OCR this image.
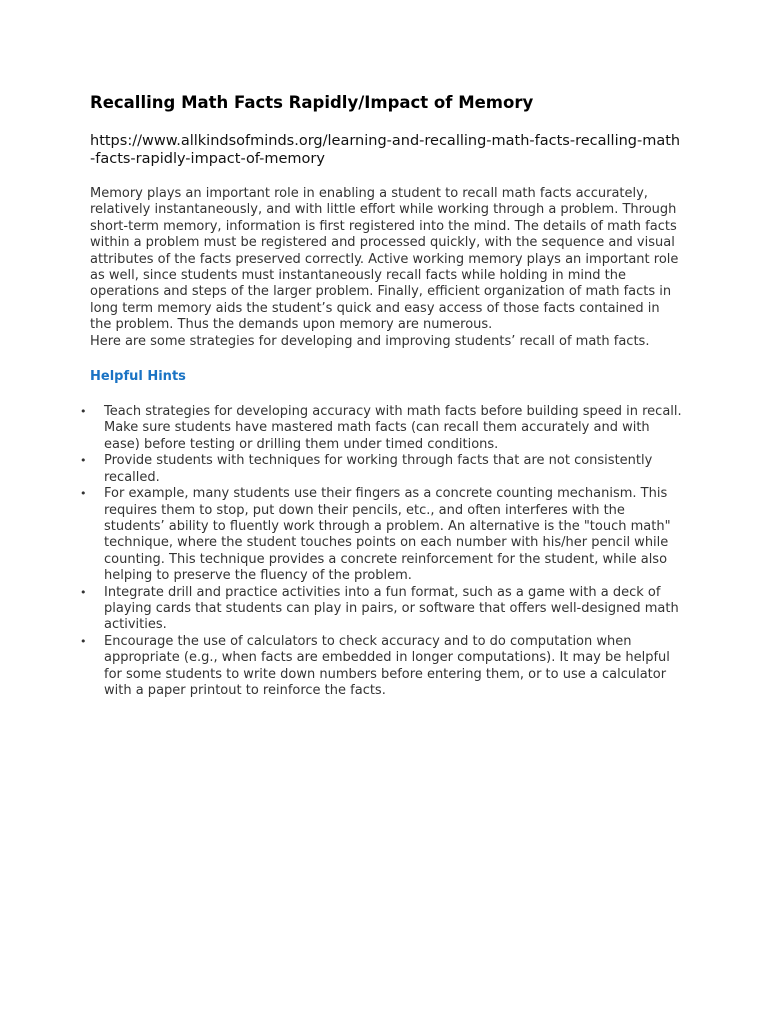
Recalling Math Facts Rapidly/Impact of Memory
https://www.allkindsofminds.org/learning-and-recalling-math-facts-recalling-math-facts-rapidly-impact-of-memory

Memory plays an important role in enabling a student to recall math facts accurately, relatively instantaneously, and with little effort while working through a problem. Through short-term memory, information is first registered into the mind. The details of math facts within a problem must be registered and processed quickly, with the sequence and visual attributes of the facts preserved correctly. Active working memory plays an important role as well, since students must instantaneously recall facts while holding in mind the operations and steps of the larger problem. Finally, efficient organization of math facts in long term memory aids the student’s quick and easy access of those facts contained in the problem. Thus the demands upon memory are numerous.

Here are some strategies for developing and improving students’ recall of math facts.

Helpful Hints
• Teach strategies for developing accuracy with math facts before building speed in recall. Make sure students have mastered math facts (can recall them accurately and with ease) before testing or drilling them under timed conditions.
• Provide students with techniques for working through facts that are not consistently recalled.
• For example, many students use their fingers as a concrete counting mechanism. This requires them to stop, put down their pencils, etc., and often interferes with the students’ ability to fluently work through a problem. An alternative is the "touch math" technique, where the student touches points on each number with his/her pencil while counting. This technique provides a concrete reinforcement for the student, while also helping to preserve the fluency of the problem.
• Integrate drill and practice activities into a fun format, such as a game with a deck of playing cards that students can play in pairs, or software that offers well-designed math activities.
• Encourage the use of calculators to check accuracy and to do computation when appropriate (e.g., when facts are embedded in longer computations). It may be helpful for some students to write down numbers before entering them, or to use a calculator with a paper printout to reinforce the facts.
